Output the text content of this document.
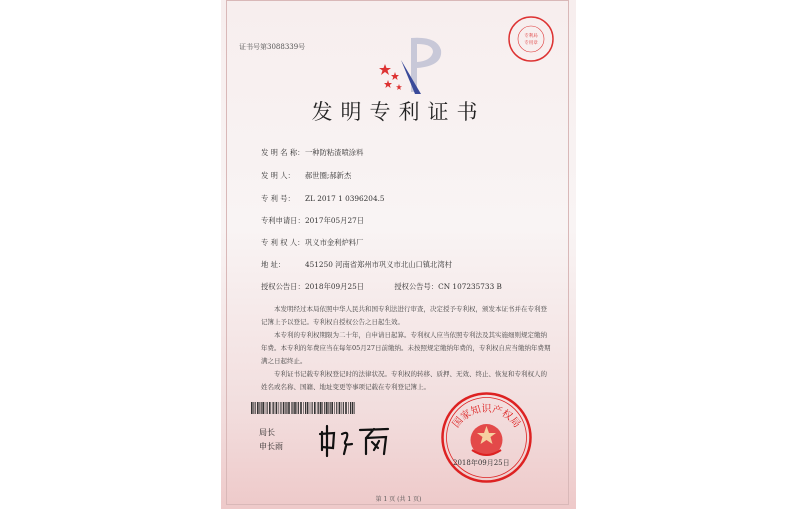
证书号第3088339号
专利局
专用章
发明专利证书
发 明 名 称：一种防粘渣喷涂料
发 明 人： 郝世圈;郝新杰
专 利 号： ZL 2017 1 0396204.5
专利申请日：2017年05月27日
专 利 权 人：巩义市金利炉料厂
地 址：	451250 河南省郑州市巩义市北山口镇北湾村
授权公告日：2018年09月25日	授权公告号：CN 107235733 B

本发明经过本局依照中华人民共和国专利法进行审查，决定授予专利权，颁发本证书并在专利登记簿上予以登记。专利权自授权公告之日起生效。

本专利的专利权期限为二十年，自申请日起算。专利权人应当依照专利法及其实施细则规定缴纳年费。本专利的年费应当在每年05月27日前缴纳。未按照规定缴纳年费的，专利权自应当缴纳年费期满之日起终止。

专利证书记载专利权登记时的法律状况。专利权的转移、质押、无效、终止、恢复和专利权人的姓名或名称、国籍、地址变更等事项记载在专利登记簿上。

局长
申长雨
国家知识产权局
2018年09月25日
第 1 页 (共 1 页)
